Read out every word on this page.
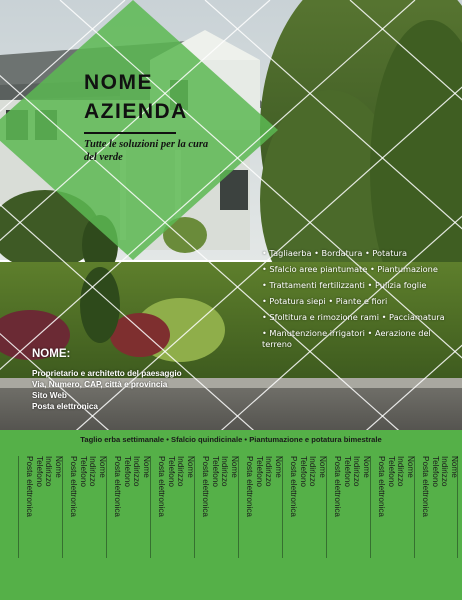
NOME
AZIENDA
Tutte le soluzioni per la cura del verde
• Tagliaerba • Bordatura • Potatura
• Sfalcio aree piantumate • Piantumazione
• Trattamenti fertilizzanti • Pulizia foglie
• Potatura siepi • Piante e fiori
• Sfoltitura e rimozione rami • Pacciamatura
• Manutenzione irrigatori • Aerazione del terreno
NOME:
Proprietario e architetto del paesaggio
Via, Numero, CAP, città e provincia
Sito Web
Posta elettronica
Taglio erba settimanale • Sfalcio quindicinale • Piantumazione e potatura bimestrale
Nome
Indirizzo
Telefono
Posta elettronica	Nome
Indirizzo
Telefono
Posta elettronica	Nome
Indirizzo
Telefono
Posta elettronica	Nome
Indirizzo
Telefono
Posta elettronica	Nome
Indirizzo
Telefono
Posta elettronica	Nome
Indirizzo
Telefono
Posta elettronica	Nome
Indirizzo
Telefono
Posta elettronica	Nome
Indirizzo
Telefono
Posta elettronica	Nome
Indirizzo
Telefono
Posta elettronica	Nome
Indirizzo
Telefono
Posta elettronica
